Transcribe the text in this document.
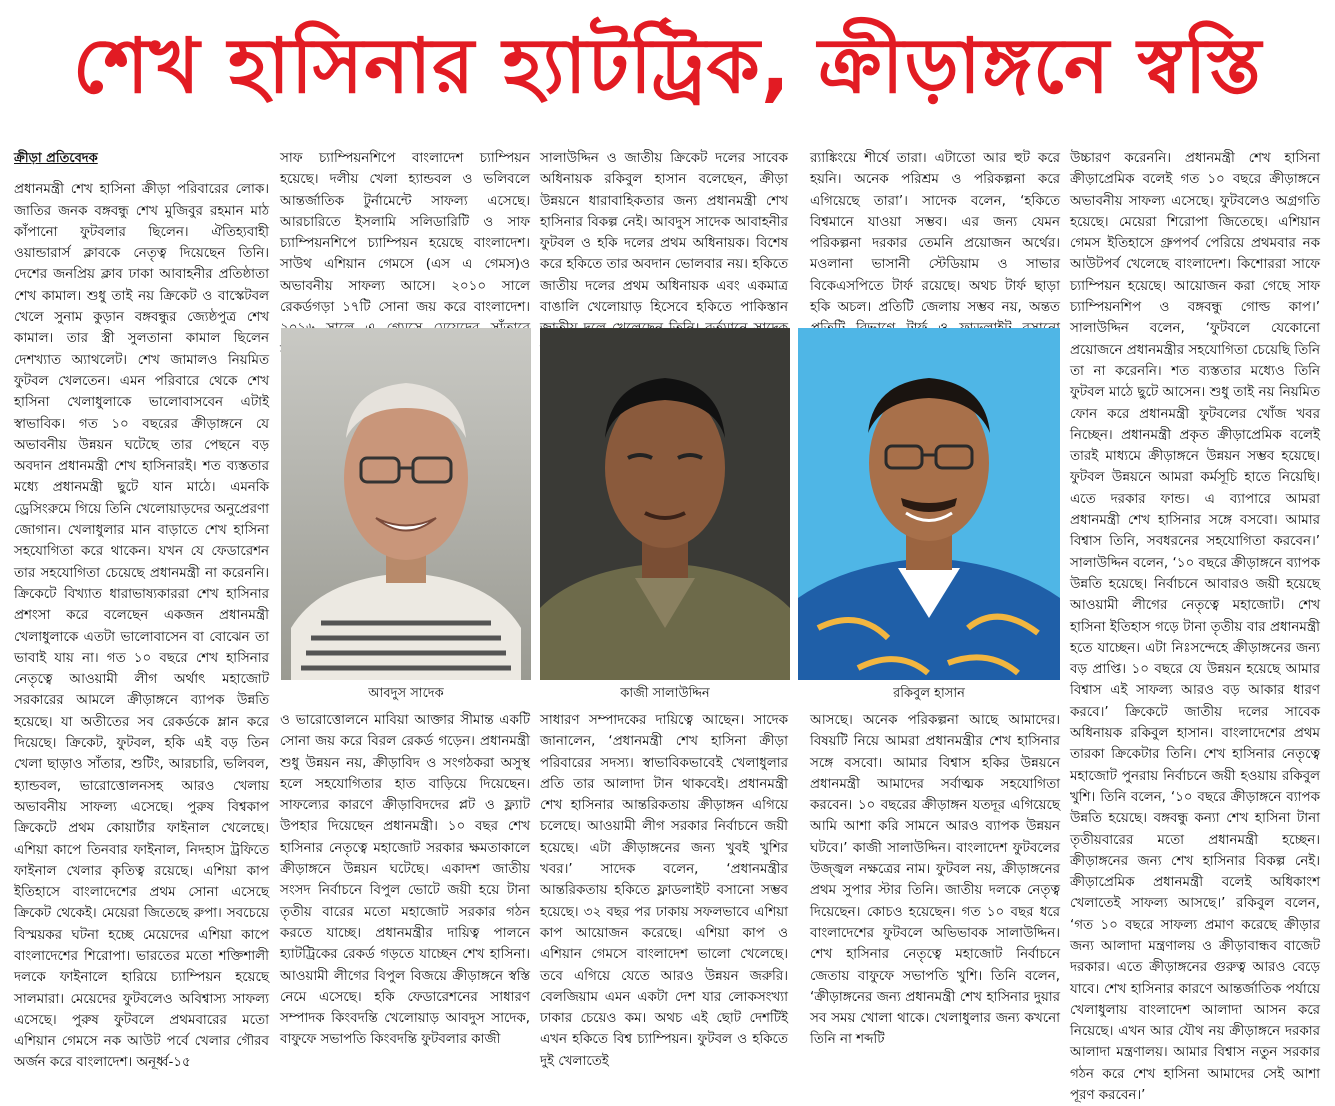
শেখ হাসিনার হ্যাটট্রিক, ক্রীড়াঙ্গনে স্বস্তি
ক্রীড়া প্রতিবেদক

প্রধানমন্ত্রী শেখ হাসিনা ক্রীড়া পরিবারের লোক। জাতির জনক বঙ্গবন্ধু শেখ মুজিবুর রহমান মাঠ কাঁপানো ফুটবলার ছিলেন। ঐতিহ্যবাহী ওয়ান্ডারার্স ক্লাবকে নেতৃত্ব দিয়েছেন তিনি। দেশের জনপ্রিয় ক্লাব ঢাকা আবাহনীর প্রতিষ্ঠাতা শেখ কামাল। শুধু তাই নয় ক্রিকেট ও বাস্কেটবল খেলে সুনাম কুড়ান বঙ্গবন্ধুর জ্যেষ্ঠপুত্র শেখ কামাল। তার স্ত্রী সুলতানা কামাল ছিলেন দেশখ্যাত অ্যাথলেট। শেখ জামালও নিয়মিত ফুটবল খেলতেন। এমন পরিবারে থেকে শেখ হাসিনা খেলাধুলাকে ভালোবাসবেন এটাই স্বাভাবিক। গত ১০ বছরের ক্রীড়াঙ্গনে যে অভাবনীয় উন্নয়ন ঘটেছে তার পেছনে বড় অবদান প্রধানমন্ত্রী শেখ হাসিনারই। শত ব্যস্ততার মধ্যে প্রধানমন্ত্রী ছুটে যান মাঠে। এমনকি ড্রেসিংরুমে গিয়ে তিনি খেলোয়াড়দের অনুপ্রেরণা জোগান। খেলাধুলার মান বাড়াতে শেখ হাসিনা সহযোগিতা করে থাকেন। যখন যে ফেডারেশন তার সহযোগিতা চেয়েছে প্রধানমন্ত্রী না করেননি। ক্রিকেটে বিখ্যাত ধারাভাষ্যকাররা শেখ হাসিনার প্রশংসা করে বলেছেন একজন প্রধানমন্ত্রী খেলাধুলাকে এতটা ভালোবাসেন বা বোঝেন তা ভাবাই যায় না। গত ১০ বছরে শেখ হাসিনার নেতৃত্বে আওয়ামী লীগ অর্থাৎ মহাজোট সরকারের আমলে ক্রীড়াঙ্গনে ব্যাপক উন্নতি হয়েছে। যা অতীতের সব রেকর্ডকে ম্লান করে দিয়েছে। ক্রিকেট, ফুটবল, হকি এই বড় তিন খেলা ছাড়াও সাঁতার, শুটিং, আরচারি, ভলিবল, হ্যান্ডবল, ভারোত্তোলনসহ আরও খেলায় অভাবনীয় সাফল্য এসেছে। পুরুষ বিশ্বকাপ ক্রিকেটে প্রথম কোয়ার্টার ফাইনাল খেলেছে। এশিয়া কাপে তিনবার ফাইনাল, নিদহাস ট্রফিতে ফাইনাল খেলার কৃতিত্ব রয়েছে। এশিয়া কাপ ইতিহাসে বাংলাদেশের প্রথম সোনা এসেছে ক্রিকেট থেকেই। মেয়েরা জিতেছে রুপা। সবচেয়ে বিস্ময়কর ঘটনা হচ্ছে মেয়েদের এশিয়া কাপে বাংলাদেশের শিরোপা। ভারতের মতো শক্তিশালী দলকে ফাইনালে হারিয়ে চ্যাম্পিয়ন হয়েছে সালমারা। মেয়েদের ফুটবলেও অবিশ্বাস্য সাফল্য এসেছে। পুরুষ ফুটবলে প্রথমবারের মতো এশিয়ান গেমসে নক আউট পর্বে খেলার গৌরব অর্জন করে বাংলাদেশ। অনূর্ধ্ব-১৫

সাফ চ্যাম্পিয়নশিপে বাংলাদেশ চ্যাম্পিয়ন হয়েছে। দলীয় খেলা হ্যান্ডবল ও ভলিবলে আন্তর্জাতিক টুর্নামেন্টে সাফল্য এসেছে। আরচারিতে ইসলামি সলিডারিটি ও সাফ চ্যাম্পিয়নশিপে চ্যাম্পিয়ন হয়েছে বাংলাদেশ। সাউথ এশিয়ান গেমসে (এস এ গেমস)ও অভাবনীয় সাফল্য আসে। ২০১০ সালে রেকর্ডগড়া ১৭টি সোনা জয় করে বাংলাদেশ।

সালাউদ্দিন ও জাতীয় ক্রিকেট দলের সাবেক অধিনায়ক রকিবুল হাসান বলেছেন, ক্রীড়া উন্নয়নে ধারাবাহিকতার জন্য প্রধানমন্ত্রী শেখ হাসিনার বিকল্প নেই। আবদুস সাদেক আবাহনীর ফুটবল ও হকি দলের প্রথম অধিনায়ক। বিশেষ করে হকিতে তার অবদান ভোলবার নয়। হকিতে জাতীয় দলের প্রথম অধিনায়ক এবং একমাত্র বাঙালি খেলোয়াড় হিসেবে হকিতে পাকিস্তান

র‍্যাঙ্কিংয়ে শীর্ষে তারা। এটাতো আর হুট করে হয়নি। অনেক পরিশ্রম ও পরিকল্পনা করে এগিয়েছে তারা’। সাদেক বলেন, ‘হকিতে বিশ্বমানে যাওয়া সম্ভব। এর জন্য যেমন পরিকল্পনা দরকার তেমনি প্রয়োজন অর্থের। মওলানা ভাসানী স্টেডিয়াম ও সাভার বিকেএসপিতে টার্ফ রয়েছে। অথচ টার্ফ ছাড়া হকি অচল। প্রতিটি জেলায় সম্ভব নয়, অন্তত

উচ্চারণ করেননি। প্রধানমন্ত্রী শেখ হাসিনা ক্রীড়াপ্রেমিক বলেই গত ১০ বছরে ক্রীড়াঙ্গনে অভাবনীয় সাফল্য এসেছে। ফুটবলেও অগ্রগতি হয়েছে। মেয়েরা শিরোপা জিতেছে। এশিয়ান গেমস ইতিহাসে গ্রুপপর্ব পেরিয়ে প্রথমবার নক আউটপর্ব খেলেছে বাংলাদেশ। কিশোররা সাফে চ্যাম্পিয়ন হয়েছে। আয়োজন করা গেছে সাফ চ্যাম্পিয়নশিপ ও বঙ্গবন্ধু গোল্ড কাপ।’ সালাউদ্দিন বলেন, ‘ফুটবলে যেকোনো প্রয়োজনে প্রধানমন্ত্রীর সহযোগিতা চেয়েছি তিনি তা না করেননি। শত ব্যস্ততার মধ্যেও তিনি ফুটবল মাঠে ছুটে আসেন। শুধু তাই নয় নিয়মিত ফোন করে প্রধানমন্ত্রী ফুটবলের খোঁজ খবর নিচ্ছেন। প্রধানমন্ত্রী প্রকৃত ক্রীড়াপ্রেমিক বলেই তারই মাধ্যমে ক্রীড়াঙ্গনে উন্নয়ন সম্ভব হয়েছে। ফুটবল উন্নয়নে আমরা কর্মসূচি হাতে নিয়েছি। এতে দরকার ফান্ড। এ ব্যাপারে আমরা প্রধানমন্ত্রী শেখ হাসিনার সঙ্গে বসবো। আমার বিশ্বাস তিনি, সবধরনের সহযোগিতা করবেন।’ সালাউদ্দিন বলেন, ‘১০ বছরে ক্রীড়াঙ্গনে ব্যাপক উন্নতি হয়েছে। নির্বাচনে আবারও জয়ী হয়েছে আওয়ামী লীগের নেতৃত্বে মহাজোট। শেখ হাসিনা ইতিহাস গড়ে টানা তৃতীয় বার প্রধানমন্ত্রী হতে যাচ্ছেন। এটা নিঃসন্দেহে ক্রীড়াঙ্গনের জন্য বড় প্রাপ্তি। ১০ বছরে যে উন্নয়ন হয়েছে আমার বিশ্বাস এই সাফল্য আরও বড় আকার ধারণ করবে।’ ক্রিকেটে জাতীয় দলের সাবেক অধিনায়ক রকিবুল হাসান। বাংলাদেশের প্রথম তারকা ক্রিকেটার তিনি। শেখ হাসিনার নেতৃত্বে মহাজোট পুনরায় নির্বাচনে জয়ী হওয়ায় রকিবুল খুশি। তিনি বলেন, ‘১০ বছরে ক্রীড়াঙ্গনে ব্যাপক উন্নতি হয়েছে। বঙ্গবন্ধু কন্যা শেখ হাসিনা টানা তৃতীয়বারের মতো প্রধানমন্ত্রী হচ্ছেন। ক্রীড়াঙ্গনের জন্য শেখ হাসিনার বিকল্প নেই। ক্রীড়াপ্রেমিক প্রধানমন্ত্রী বলেই অধিকাংশ খেলাতেই সাফল্য আসছে।’ রকিবুল বলেন, ‘গত ১০ বছরে সাফল্য প্রমাণ করেছে ক্রীড়ার জন্য আলাদা মন্ত্রণালয় ও ক্রীড়াবান্ধব বাজেট দরকার। এতে ক্রীড়াঙ্গনের গুরুত্ব আরও বেড়ে যাবে। শেখ হাসিনার কারণে আন্তর্জাতিক পর্যায়ে খেলাধুলায় বাংলাদেশ আলাদা আসন করে নিয়েছে। এখন আর যৌথ নয় ক্রীড়াঙ্গনে দরকার আলাদা মন্ত্রণালয়। আমার বিশ্বাস নতুন সরকার গঠন করে শেখ হাসিনা আমাদের সেই আশা পূরণ করবেন।’

আবদুস সাদেক	কাজী সালাউদ্দিন	রকিবুল হাসান

ও ভারোত্তোলনে মাবিয়া আক্তার সীমান্ত একটি সোনা জয় করে বিরল রেকর্ড গড়েন। প্রধানমন্ত্রী শুধু উন্নয়ন নয়, ক্রীড়াবিদ ও সংগঠকরা অসুস্থ হলে সহযোগিতার হাত বাড়িয়ে দিয়েছেন। সাফল্যের কারণে ক্রীড়াবিদদের প্লট ও ফ্ল্যাট উপহার দিয়েছেন প্রধানমন্ত্রী। ১০ বছর শেখ হাসিনার নেতৃত্বে মহাজোট সরকার ক্ষমতাকালে ক্রীড়াঙ্গনে উন্নয়ন ঘটেছে। একাদশ জাতীয় সংসদ নির্বাচনে বিপুল ভোটে জয়ী হয়ে টানা তৃতীয় বারের মতো মহাজোট সরকার গঠন করতে যাচ্ছে। প্রধানমন্ত্রীর দায়িত্ব পালনে হ্যাটট্রিকের রেকর্ড গড়তে যাচ্ছেন শেখ হাসিনা। আওয়ামী লীগের বিপুল বিজয়ে ক্রীড়াঙ্গনে স্বস্তি নেমে এসেছে। হকি ফেডারেশনের সাধারণ সম্পাদক কিংবদন্তি খেলোয়াড় আবদুস সাদেক, বাফুফে সভাপতি কিংবদন্তি ফুটবলার কাজী

সাধারণ সম্পাদকের দায়িত্বে আছেন। সাদেক জানালেন, ‘প্রধানমন্ত্রী শেখ হাসিনা ক্রীড়া পরিবারের সদস্য। স্বাভাবিকভাবেই খেলাধুলার প্রতি তার আলাদা টান থাকবেই। প্রধানমন্ত্রী শেখ হাসিনার আন্তরিকতায় ক্রীড়াঙ্গন এগিয়ে চলেছে। আওয়ামী লীগ সরকার নির্বাচনে জয়ী হয়েছে। এটা ক্রীড়াঙ্গনের জন্য খুবই খুশির খবর।’ সাদেক বলেন, ‘প্রধানমন্ত্রীর আন্তরিকতায় হকিতে ফ্লাডলাইট বসানো সম্ভব হয়েছে। ৩২ বছর পর ঢাকায় সফলভাবে এশিয়া কাপ আয়োজন করেছে। এশিয়া কাপ ও এশিয়ান গেমসে বাংলাদেশ ভালো খেলেছে। তবে এগিয়ে যেতে আরও উন্নয়ন জরুরি। বেলজিয়াম এমন একটা দেশ যার লোকসংখ্যা ঢাকার চেয়েও কম। অথচ এই ছোট দেশটিই এখন হকিতে বিশ্ব চ্যাম্পিয়ন। ফুটবল ও হকিতে দুই খেলাতেই

আসছে। অনেক পরিকল্পনা আছে আমাদের। বিষয়টি নিয়ে আমরা প্রধানমন্ত্রীর শেখ হাসিনার সঙ্গে বসবো। আমার বিশ্বাস হকির উন্নয়নে প্রধানমন্ত্রী আমাদের সর্বাত্মক সহযোগিতা করবেন। ১০ বছরের ক্রীড়াঙ্গন যতদূর এগিয়েছে আমি আশা করি সামনে আরও ব্যাপক উন্নয়ন ঘটবে।’ কাজী সালাউদ্দিন। বাংলাদেশ ফুটবলের উজ্জ্বল নক্ষত্রের নাম। ফুটবল নয়, ক্রীড়াঙ্গনের প্রথম সুপার স্টার তিনি। জাতীয় দলকে নেতৃত্ব দিয়েছেন। কোচও হয়েছেন। গত ১০ বছর ধরে বাংলাদেশের ফুটবলে অভিভাবক সালাউদ্দিন। শেখ হাসিনার নেতৃত্বে মহাজোট নির্বাচনে জেতায় বাফুফে সভাপতি খুশি। তিনি বলেন, ‘ক্রীড়াঙ্গনের জন্য প্রধানমন্ত্রী শেখ হাসিনার দুয়ার সব সময় খোলা থাকে। খেলাধুলার জন্য কখনো তিনি না শব্দটি
